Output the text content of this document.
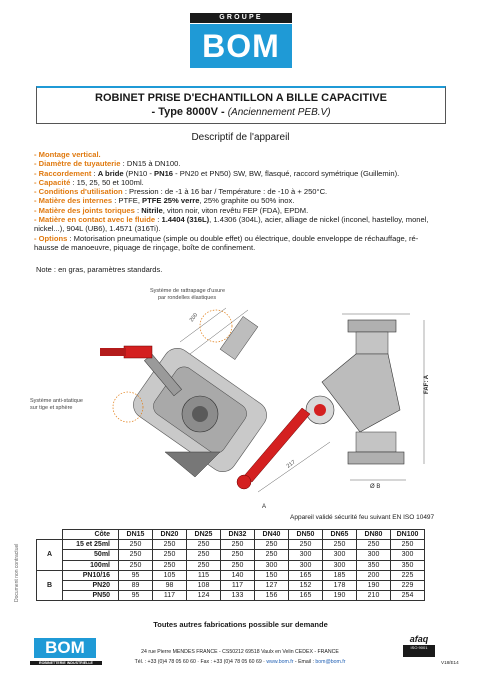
GROUPE
BOM
ROBINET PRISE D'ECHANTILLON A BILLE CAPACITIVE
- Type 8000V - (Anciennement PEB.V)
Descriptif de l'appareil
- Montage vertical.
- Diamètre de tuyauterie : DN15 à DN100.
- Raccordement : A bride (PN10 - PN16 - PN20 et PN50) SW, BW, flasqué, raccord symétrique (Guillemin).
- Capacité : 15, 25, 50 et 100ml.
- Conditions d'utilisation : Pression : de -1 à 16 bar / Température : de -10 à + 250°C.
- Matière des internes : PTFE, PTFE 25% verre, 25% graphite ou 50% inox.
- Matière des joints toriques : Nitrile, viton noir, viton revêtu FEP (FDA), EPDM.
- Matière en contact avec le fluide : 1.4404 (316L), 1.4306 (304L), acier, alliage de nickel (inconel, hastelloy, monel,
nickel...), 904L (UB6), 1.4571 (316Ti).
- Options : Motorisation pneumatique (simple ou double effet) ou électrique, double enveloppe de réchauffage, ré-
hausse de manoeuvre, piquage de rinçage, boîte de confinement.
Note : en gras, paramètres standards.
200
Système de rattrapage d'usure
par rondelles élastiques
Système anti-statique
sur tige et sphère
FAF: A
Ø B
217
A
Appareil validé sécurité feu suivant EN ISO 10497
Document non contractuel
	Côte	DN15	DN20	DN25	DN32	DN40	DN50	DN65	DN80	DN100
A	15 et 25ml	250	250	250	250	250	250	250	250	250
	50ml	250	250	250	250	250	300	300	300	300
	100ml	250	250	250	250	300	300	300	350	350
B	PN10/16	95	105	115	140	150	165	185	200	225
	PN20	89	98	108	117	127	152	178	190	229
	PN50	95	117	124	133	156	165	190	210	254
Toutes autres fabrications possible sur demande
BOM
ROBINETTERIE INDUSTRIELLE
24 rue Pierre MENDES FRANCE - CS50212 69518 Vaulx en Velin CEDEX - FRANCE
Tél. : +33 (0)4 78 05 60 60 · Fax : +33 (0)4 78 05 60 69 · www.bom.fr - Email : bom@bom.fr
afaq
ISO 9001
V18/E14
